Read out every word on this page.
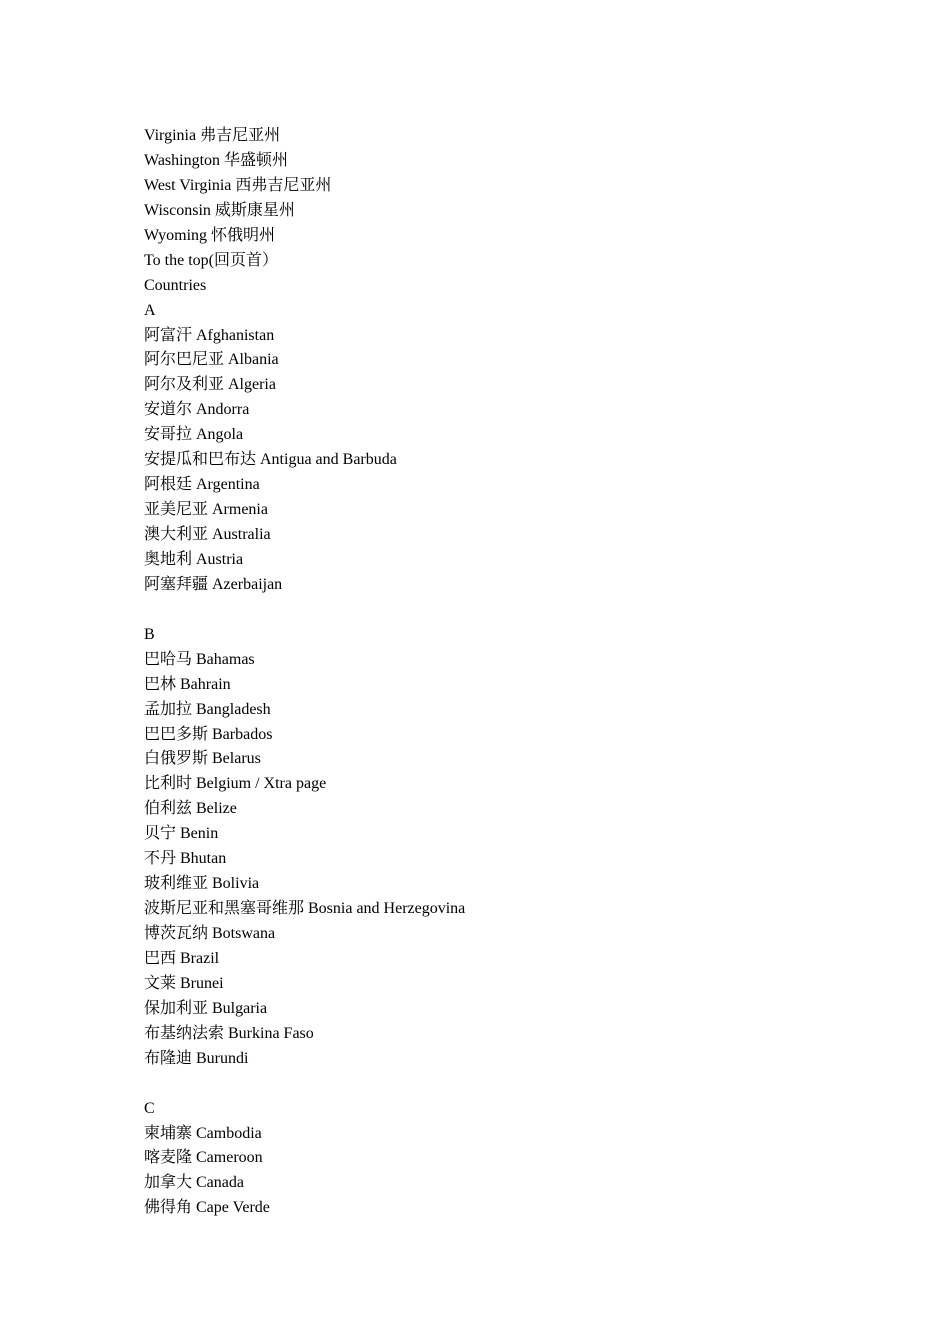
Virginia 弗吉尼亚州
Washington 华盛顿州
West Virginia 西弗吉尼亚州
Wisconsin 威斯康星州
Wyoming 怀俄明州
To the top(回页首）
Countries
A
阿富汗 Afghanistan
阿尔巴尼亚 Albania
阿尔及利亚 Algeria
安道尔 Andorra
安哥拉 Angola
安提瓜和巴布达 Antigua and Barbuda
阿根廷 Argentina
亚美尼亚 Armenia
澳大利亚 Australia
奥地利 Austria
阿塞拜疆 Azerbaijan
B
巴哈马 Bahamas
巴林 Bahrain
孟加拉 Bangladesh
巴巴多斯 Barbados
白俄罗斯 Belarus
比利时 Belgium / Xtra page
伯利兹 Belize
贝宁 Benin
不丹 Bhutan
玻利维亚 Bolivia
波斯尼亚和黑塞哥维那 Bosnia and Herzegovina
博茨瓦纳 Botswana
巴西 Brazil
文莱 Brunei
保加利亚 Bulgaria
布基纳法索 Burkina Faso
布隆迪 Burundi
C
柬埔寨 Cambodia
喀麦隆 Cameroon
加拿大 Canada
佛得角 Cape Verde
